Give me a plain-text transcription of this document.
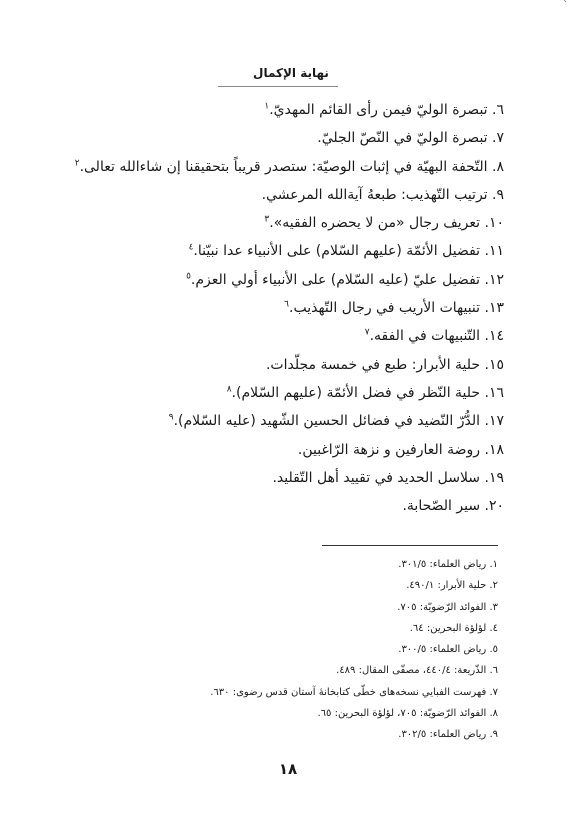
`
نهاية الإكمال
٦. تبصرة الوليّ فيمن رأى القائم المهديّ.$^١$
٧. تبصرة الوليّ في النّصّ الجليّ.
٨. التّحفة البهيّة في إثبات الوصيّة: ستصدر قريباً بتحقيقنا إن شاءالله تعالى.$^٢$
٩. ترتيب التّهذيب: طبعهُ آيةالله المرعشي.
١٠. تعريف رجال «من لا يحضره الفقيه».$^٣$
١١. تفضيل الأئمّة (عليهم السّلام) على الأنبياء عدا نبيّنا.$^٤$
١٢. تفضيل عليّ (عليه السّلام) على الأنبياء أولي العزم.$^٥$
١٣. تنبيهات الأريب في رجال التّهذيب.$^٦$
١٤. التّنبيهات في الفقه.$^٧$
١٥. حلية الأبرار: طبع في خمسة مجلّدات.
١٦. حلية النّظر في فضل الأئمّة (عليهم السّلام).$^٨$
١٧. الدُّرّ النّضيد في فضائل الحسين الشّهيد (عليه السّلام).$^٩$
١٨. روضة العارفين و نزهة الرّاغبين.
١٩. سلاسل الحديد في تقييد أهل التّقليد.
٢٠. سير الصّحابة.
١. رياض العلماء: ٣٠١/٥.
٢. حلية الأبرار: ٤٩٠/١.
٣. الفوائد الرّضويّة: ٧٠٥.
٤. لؤلؤة البحرين: ٦٤.
٥. رياض العلماء: ٣٠٠/٥.
٦. الذّريعة: ٤٤٠/٤، مصفّى المقال: ٤٨٩.
٧. فهرست الفبايي نسخه‌هاى خطّى كتابخانهٔ آستان قدس رضوى: ٦٣٠.
٨. الفوائد الرّضويّة: ٧٠٥، لؤلؤة البحرين: ٦٥.
٩. رياض العلماء: ٣٠٢/٥.
١٨
